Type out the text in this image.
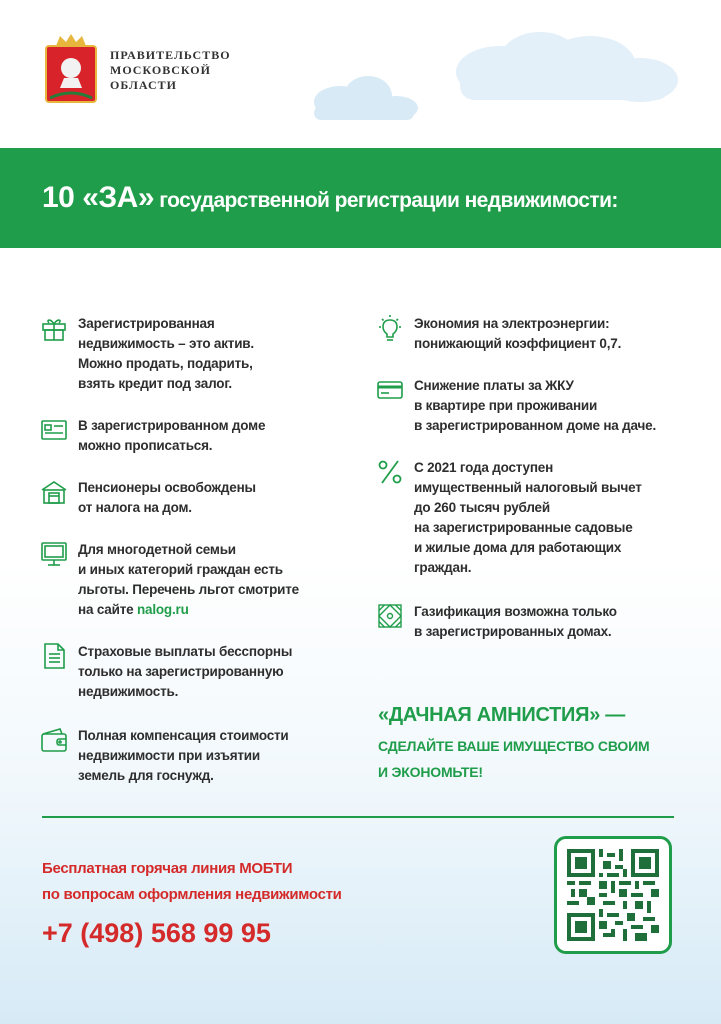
ПРАВИТЕЛЬСТВО
МОСКОВСКОЙ
ОБЛАСТИ
10 «ЗА» государственной регистрации недвижимости:
Зарегистрированная
недвижимость – это актив.
Можно продать, подарить,
взять кредит под залог.
В зарегистрированном доме
можно прописаться.
Пенсионеры освобождены
от налога на дом.
Для многодетной семьи
и иных категорий граждан есть
льготы. Перечень льгот смотрите
на сайте nalog.ru
Страховые выплаты бесспорны
только на зарегистрированную
недвижимость.
Полная компенсация стоимости
недвижимости при изъятии
земель для госнужд.
Экономия на электроэнергии:
понижающий коэффициент 0,7.
Снижение платы за ЖКУ
в квартире при проживании
в зарегистрированном доме на даче.
С 2021 года доступен
имущественный налоговый вычет
до 260 тысяч рублей
на зарегистрированные садовые
и жилые дома для работающих
граждан.
Газификация возможна только
в зарегистрированных домах.
«ДАЧНАЯ АМНИСТИЯ» —
СДЕЛАЙТЕ ВАШЕ ИМУЩЕСТВО СВОИМ
И ЭКОНОМЬТЕ!
Бесплатная горячая линия МОБТИ
по вопросам оформления недвижимости
+7 (498) 568 99 95
